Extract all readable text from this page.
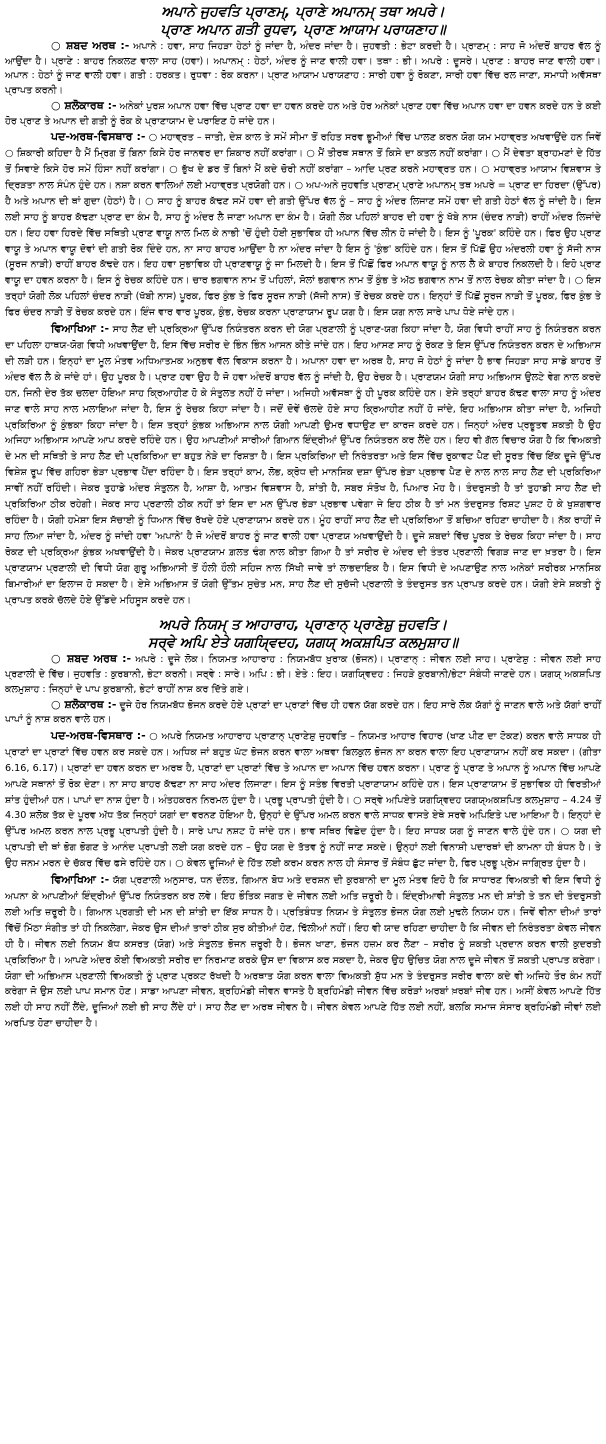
ਅਪਾਨੇ ਜੁਹਵਤਿ ਪ੍ਰਾਣਮ੍, ਪ੍ਰਾਣੇ ਅਪਾਨਮ੍ ਤਥਾ ਅਪਰੇ।
ਪ੍ਰਾਣ ਅਪਾਨ ਗਤੀ ਰੁਧਵਾ, ਪ੍ਰਾਣ ਆਯਾਮ ਪਰਾਯਣਾਹ॥

○ ਸ਼ਬਦ ਅਰਥ :- ਅਪਾਨੇ : ਹਵਾ, ਸਾਹ ਜਿਹੜਾ ਹੇਠਾਂ ਨੂੰ ਜਾਂਦਾ ਹੈ, ਅੰਦਰ ਜਾਂਦਾ ਹੈ। ਜੁਹਵਤੀ : ਭੇਟਾ ਕਰਦੀ ਹੈ। ਪ੍ਰਾਣਮ੍ : ਸਾਹ ਜੋ ਅੰਦਰੋਂ ਬਾਹਰ ਵੱਲ ਨੂੰ ਆਉਂਦਾ ਹੈ। ਪ੍ਰਾਣੇ : ਬਾਹਰ ਨਿਕਲਣ ਵਾਲਾ ਸਾਹ (ਹਵਾ)। ਅਪਾਨਮ੍ : ਹੇਠਾਂ, ਅੰਦਰ ਨੂੰ ਜਾਣ ਵਾਲੀ ਹਵਾ। ਤਥਾ : ਭੀ। ਅਪਰੇ : ਦੂਸਰੇ। ਪ੍ਰਾਣ : ਬਾਹਰ ਜਾਣ ਵਾਲੀ ਹਵਾ। ਅਪਾਨ : ਹੇਠਾਂ ਨੂੰ ਜਾਣ ਵਾਲੀ ਹਵਾ। ਗਤੀ : ਹਰਕਤ। ਰੁਧਵਾ : ਰੋਕ ਕਰਨਾ। ਪ੍ਰਾਣ ਆਯਾਮ ਪਰਾਯਣਾਹ : ਸਾਰੀ ਹਵਾ ਨੂੰ ਰੋਕਣਾ, ਸਾਰੀ ਹਵਾ ਵਿੱਚ ਰਲ ਜਾਣਾ, ਸਮਾਧੀ ਅਵੱਸਥਾ ਪ੍ਰਾਪਤ ਕਰਨੀ।

○ ਸ਼ਲੋਕਾਰਥ :- ਅਨੇਕਾਂ ਪੁਰਸ਼ ਅਪਾਨ ਹਵਾ ਵਿੱਚ ਪ੍ਰਾਣ ਹਵਾ ਦਾ ਹਵਨ ਕਰਦੇ ਹਨ ਅਤੇ ਹੋਰ ਅਨੇਕਾਂ ਪ੍ਰਾਣ ਹਵਾ ਵਿੱਚ ਅਪਾਨ ਹਵਾ ਦਾ ਹਵਨ ਕਰਦੇ ਹਨ ਤੇ ਕਈ ਹੋਰ ਪ੍ਰਾਣ ਤੇ ਅਪਾਨ ਦੀ ਗਤੀ ਨੂੰ ਰੋਕ ਕੇ ਪ੍ਰਾਣਾਯਾਮ ਦੇ ਪਰਾਇਣ ਹੋ ਜਾਂਦੇ ਹਨ।

ਪਦ-ਅਰਥ-ਵਿਸਥਾਰ :- ○ ਮਹਾਵ੍ਰਤ – ਜਾਤੀ, ਦੇਸ਼ ਕਾਲ ਤੇ ਸਮੇਂ ਸੀਮਾ ਤੋਂ ਰਹਿਤ ਸਰਵ ਭੂਮੀਆਂ ਵਿੱਚ ਪਾਲਣ ਕਰਨ ਯੋਗ ਯਮ ਮਹਾਵ੍ਰਤ ਅਖਵਾਉਂਦੇ ਹਨ ਜਿਵੇਂ ○ ਸ਼ਿਕਾਰੀ ਕਹਿਦਾ ਹੈ ਮੈਂ ਮ੍ਰਿਗ ਤੋਂ ਬਿਨਾ ਕਿਸੇ ਹੋਰ ਜਾਨਵਰ ਦਾ ਸ਼ਿਕਾਰ ਨਹੀਂ ਕਰਾਂਗਾ। ○ ਮੈਂ ਤੀਰਥ ਸਥਾਨ ਤੋਂ ਕਿਸੇ ਦਾ ਕਤਲ ਨਹੀਂ ਕਰਾਂਗਾ। ○ ਮੈਂ ਦੇਵਤਾ ਬ੍ਰਾਹਮਣਾਂ ਦੇ ਹਿੱਤ ਤੋਂ ਸਿਵਾਏ ਕਿਸੇ ਹੋਰ ਸਮੇਂ ਹਿੰਸਾ ਨਹੀਂ ਕਰਾਂਗਾ। ○ ਭੁੱਖ ਦੇ ਡਰ ਤੋਂ ਬਿਨਾਂ ਮੈਂ ਕਦੇ ਚੋਰੀ ਨਹੀਂ ਕਰਾਂਗਾ – ਆਦਿ ਪ੍ਰਣ ਕਰਨੇ ਮਹਾਵ੍ਰਤ ਹਨ। ○ ਮਹਾਵ੍ਰਤ ਆਯਾਮ ਵਿਸ਼ਵਾਸ ਤੇ ਦ੍ਰਿੜਤਾ ਨਾਲ ਸੰਪੰਨ ਹੁੰਦੇ ਹਨ। ਨਸ਼ਾ ਕਰਨ ਵਾਲਿਆਂ ਲਈ ਮਹਾਵ੍ਰਤ ਪ੍ਰਯੋਗੀ ਹਨ। ○ ਅਪ-ਅਨੇ ਜੁਹਵਤਿ ਪ੍ਰਾਣਮ੍ ਪ੍ਰਾਣੇ ਅਪਾਨਮ੍ ਤਥ ਅਪਰੇ = ਪ੍ਰਾਣ ਦਾ ਹਿਰਦਾ (ਉੱਪਰ) ਹੈ ਅਤੇ ਅਪਾਨ ਦੀ ਥਾਂ ਗੁਦਾ (ਹੇਠਾਂ) ਹੈ। ○ ਸਾਹ ਨੂੰ ਬਾਹਰ ਕੱਢਣ ਸਮੇਂ ਹਵਾ ਦੀ ਗਤੀ ਉੱਪਰ ਵੱਲ ਨੂੰ – ਸਾਹ ਨੂੰ ਅੰਦਰ ਲਿਜਾਣ ਸਮੇਂ ਹਵਾ ਦੀ ਗਤੀ ਹੇਠਾਂ ਵੱਲ ਨੂੰ ਜਾਂਦੀ ਹੈ। ਇਸ ਲਈ ਸਾਹ ਨੂੰ ਬਾਹਰ ਕੱਢਣਾ ਪ੍ਰਾਣ ਦਾ ਕੰਮ ਹੈ, ਸਾਹ ਨੂੰ ਅੰਦਰ ਲੈ ਜਾਣਾ ਅਪਾਨ ਦਾ ਕੰਮ ਹੈ। ਯੋਗੀ ਲੋਕ ਪਹਿਲਾਂ ਬਾਹਰ ਦੀ ਹਵਾ ਨੂੰ ਖੱਬੇ ਨਾਸ (ਚੰਦਰ ਨਾੜੀ) ਰਾਹੀਂ ਅੰਦਰ ਲਿਜਾਂਦੇ ਹਨ। ਇਹ ਹਵਾ ਹਿਰਦੇ ਵਿੱਚ ਸਥਿਤੀ ਪ੍ਰਾਣ ਵਾਯੂ ਨਾਲ ਮਿਲ ਕੇ ਨਾਭੀ 'ਚੋਂ ਹੁੰਦੀ ਹੋਈ ਸੁਭਾਵਿਕ ਹੀ ਅਪਾਨ ਵਿੱਚ ਲੀਨ ਹੋ ਜਾਂਦੀ ਹੈ। ਇਸ ਨੂੰ 'ਪੂਰਕ' ਕਹਿੰਦੇ ਹਨ। ਫਿਰ ਉਹ ਪ੍ਰਾਣ ਵਾਯੂ ਤੇ ਅਪਾਨ ਵਾਯੂ ਦੋਵਾਂ ਦੀ ਗਤੀ ਰੋਕ ਦਿੰਦੇ ਹਨ, ਨਾ ਸਾਹ ਬਾਹਰ ਆਉਂਦਾ ਹੈ ਨਾ ਅੰਦਰ ਜਾਂਦਾ ਹੈ ਇਸ ਨੂੰ 'ਕੁੰਭ' ਕਹਿੰਦੇ ਹਨ। ਇਸ ਤੋਂ ਪਿੱਛੋਂ ਉਹ ਅੰਦਰਲੀ ਹਵਾ ਨੂੰ ਸੱਜੀ ਨਾਸ (ਸੂਰਜ ਨਾੜੀ) ਰਾਹੀਂ ਬਾਹਰ ਕੱਢਦੇ ਹਨ। ਇਹ ਹਵਾ ਸੁਭਾਵਿਕ ਹੀ ਪ੍ਰਾਣਵਾਯੂ ਨੂੰ ਜਾ ਮਿਲਦੀ ਹੈ। ਇਸ ਤੋਂ ਪਿੱਛੋਂ ਫਿਰ ਅਪਾਨ ਵਾਯੂ ਨੂੰ ਨਾਲ ਲੈ ਕੇ ਬਾਹਰ ਨਿਕਲਦੀ ਹੈ। ਇਹੋ ਪ੍ਰਾਣ ਵਾਯੂ ਦਾ ਹਵਨ ਕਰਨਾ ਹੈ। ਇਸ ਨੂੰ ਰੇਚਕ ਕਹਿੰਦੇ ਹਨ। ਚਾਰ ਭਗਵਾਨ ਨਾਮ ਤੋਂ ਪਹਿਲਾਂ, ਸੋਲਾਂ ਭਗਵਾਨ ਨਾਮ ਤੋਂ ਕੁੰਭ ਤੇ ਅੱਠ ਭਗਵਾਨ ਨਾਮ ਤੋਂ ਨਾਲ ਰੇਚਕ ਕੀਤਾ ਜਾਂਦਾ ਹੈ। ○ ਇਸ ਤਰ੍ਹਾਂ ਯੋਗੀ ਲੋਕ ਪਹਿਲਾਂ ਚੰਦਰ ਨਾੜੀ (ਖੱਬੀ ਨਾਸ) ਪੂਰਕ, ਫਿਰ ਕੁੰਭ ਤੇ ਫਿਰ ਸੂਰਜ ਨਾੜੀ (ਸੱਜੀ ਨਾਸ) ਤੋਂ ਰੇਚਕ ਕਰਦੇ ਹਨ। ਇਨ੍ਹਾਂ ਤੋਂ ਪਿੱਛੋਂ ਸੂਰਜ ਨਾੜੀ ਤੋਂ ਪੂਰਕ, ਫਿਰ ਕੁੰਭ ਤੇ ਫਿਰ ਚੰਦਰ ਨਾੜੀ ਤੋਂ ਰੇਚਕ ਕਰਦੇ ਹਨ। ਇੰਜ ਵਾਰ ਵਾਰ ਪੂਰਕ, ਕੁੰਭ, ਰੇਚਕ ਕਰਨਾ ਪ੍ਰਾਣਾਯਾਮ ਰੂਪ ਯਗ ਹੈ। ਇਸ ਯਗ ਨਾਲ ਸਾਰੇ ਪਾਪ ਧੋਏ ਜਾਂਦੇ ਹਨ।

ਵਿਆਖਿਆ :- ਸਾਹ ਲੈਣ ਦੀ ਪ੍ਰਕ੍ਰਿਆ ਉੱਪਰ ਨਿਯੰਤਰਨ ਕਰਨ ਦੀ ਯੋਗ ਪ੍ਰਣਾਲੀ ਨੂੰ ਪ੍ਰਾਣ-ਯਗ ਕਿਹਾ ਜਾਂਦਾ ਹੈ, ਯੋਗ ਵਿਧੀ ਰਾਹੀਂ ਸਾਹ ਨੂੰ ਨਿਯੰਤਰਨ ਕਰਨ ਦਾ ਪਹਿਲਾ ਹਾਥਯ-ਯੋਗ ਵਿਧੀ ਅਖਵਾਉਂਦਾ ਹੈ, ਇਸ ਵਿੱਚ ਸਰੀਰ ਦੇ ਭਿੰਨ ਭਿੰਨ ਆਸਨ ਕੀਤੇ ਜਾਂਦੇ ਹਨ। ਇਹ ਆਸਣ ਸਾਹ ਨੂੰ ਰੋਕਣ ਤੇ ਇਸ ਉੱਪਰ ਨਿਯੰਤਰਨ ਕਰਨ ਦੇ ਅਭਿਆਸ ਦੀ ਲੜੀ ਹਨ। ਇਨ੍ਹਾਂ ਦਾ ਮੂਲ ਮੰਤਵ ਅਧਿਆਤਮਕ ਅਨੁਭਵ ਵੱਲ ਵਿਕਾਸ ਕਰਨਾ ਹੈ। ਅਪਾਨਾ ਹਵਾ ਦਾ ਅਰਥ ਹੈ, ਸਾਹ ਜੋ ਹੇਠਾਂ ਨੂੰ ਜਾਂਦਾ ਹੈ ਭਾਵ ਜਿਹੜਾ ਸਾਹ ਸਾਡੇ ਬਾਹਰ ਤੋਂ ਅੰਦਰ ਵੱਲ ਲੈ ਕੇ ਜਾਂਦੇ ਹਾਂ। ਉਹ ਪੂਰਕ ਹੈ। ਪ੍ਰਾਣ ਹਵਾ ਉਹ ਹੈ ਜੋ ਹਵਾ ਅੰਦਰੋਂ ਬਾਹਰ ਵੱਲ ਨੂੰ ਜਾਂਦੀ ਹੈ, ਉਹ ਰੇਚਕ ਹੈ। ਪ੍ਰਾਣਯਮ ਯੋਗੀ ਸਾਹ ਅਭਿਆਸ ਉਲਟੇ ਵੇਗ ਨਾਲ ਕਰਦੇ ਹਨ, ਜਿਨੀ ਦੇਰ ਤੱਕ ਚਲਦਾ ਹੋਇਆ ਸਾਹ ਕ੍ਰਿਆਹੀਣ ਹੋ ਕੇ ਸੰਤੁਲਤ ਨਹੀਂ ਹੋ ਜਾਂਦਾ। ਅਜਿਹੀ ਅਵੱਸਥਾ ਨੂੰ ਹੀ ਪੂਰਕ ਕਹਿੰਦੇ ਹਨ। ਏਸੇ ਤਰ੍ਹਾਂ ਬਾਹਰ ਕੱਢਣ ਵਾਲਾ ਸਾਹ ਨੂੰ ਅੰਦਰ ਜਾਣ ਵਾਲੇ ਸਾਹ ਨਾਲ ਮਲਾਇਆ ਜਾਂਦਾ ਹੈ, ਇਸ ਨੂੰ ਰੇਚਕ ਕਿਹਾ ਜਾਂਦਾ ਹੈ। ਜਦੋਂ ਦੋਵੇਂ ਚੱਲਦੇ ਹੋਏ ਸਾਹ ਕ੍ਰਿਆਹੀਣ ਨਹੀਂ ਹੋ ਜਾਂਦੇ, ਇਹ ਅਭਿਆਸ ਕੀਤਾ ਜਾਂਦਾ ਹੈ, ਅਜਿਹੀ ਪ੍ਰਕਿਰਿਆ ਨੂੰ ਕੁੰਭਕਾ ਕਿਹਾ ਜਾਂਦਾ ਹੈ। ਇਸ ਤਰ੍ਹਾਂ ਕੁੰਭਕ ਅਭਿਆਸ ਨਾਲ ਯੋਗੀ ਆਪਣੀ ਉਮਰ ਵਧਾਉਣ ਦਾ ਕਾਰਜ ਕਰਦੇ ਹਨ। ਜਿਨ੍ਹਾਂ ਅੰਦਰ ਪ੍ਰਭੂਤਵ ਸ਼ਕਤੀ ਹੈ ਉਹ ਅਜਿਹਾ ਅਭਿਆਸ ਆਪਣੇ ਆਪ ਕਰਦੇ ਰਹਿੰਦੇ ਹਨ। ਉਹ ਆਪਣੀਆਂ ਸਾਰੀਆਂ ਗਿਆਨ ਇੰਦ੍ਰੀਆਂ ਉੱਪਰ ਨਿਯੰਤਰਨ ਕਰ ਲੈਂਦੇ ਹਨ। ਇਹ ਵੀ ਗੱਲ ਵਿਚਾਰ ਯੋਗ ਹੈ ਕਿ ਵਿਅਕਤੀ ਦੇ ਮਨ ਦੀ ਸਥਿਤੀ ਤੇ ਸਾਹ ਲੈਣ ਦੀ ਪ੍ਰਕਿਰਿਆ ਦਾ ਬਹੁਤ ਨੇੜੇ ਦਾ ਰਿਸ਼ਤਾ ਹੈ। ਇਸ ਪ੍ਰਕਿਰਿਆ ਦੀ ਨਿਰੰਤਰਤਾ ਅਤੇ ਇਸ ਵਿੱਚ ਰੁਕਾਵਟ ਪੈਣ ਦੀ ਸੂਰਤ ਵਿੱਚ ਇੱਕ ਦੂਜੇ ਉੱਪਰ ਵਿਸ਼ੇਸ਼ ਰੂਪ ਵਿੱਚ ਗਹਿਰਾ ਭੇੜਾ ਪ੍ਰਭਾਵ ਪੈਂਦਾ ਰਹਿੰਦਾ ਹੈ। ਇਸ ਤਰ੍ਹਾਂ ਕਾਮ, ਲੋਭ, ਕ੍ਰੋਧ ਦੀ ਮਾਨਸਿਕ ਦਸ਼ਾ ਉੱਪਰ ਭੇੜਾ ਪ੍ਰਭਾਵ ਪੈਣ ਦੇ ਨਾਲ ਨਾਲ ਸਾਹ ਲੈਣ ਦੀ ਪ੍ਰਕਿਰਿਆ ਸਾਵੀਂ ਨਹੀਂ ਰਹਿੰਦੀ। ਜੇਕਰ ਤੁਹਾਡੇ ਅੰਦਰ ਸੰਤੁਲਨ ਹੈ, ਆਸ਼ਾ ਹੈ, ਆਤਮ ਵਿਸ਼ਵਾਸ ਹੈ, ਸ਼ਾਂਤੀ ਹੈ, ਸਬਰ ਸੰਤੋਖ ਹੈ, ਪਿਆਰ ਮੋਹ ਹੈ। ਤੰਦਰੁਸਤੀ ਹੈ ਤਾਂ ਤੁਹਾਡੀ ਸਾਹ ਲੈਣ ਦੀ ਪ੍ਰਕਿਰਿਆ ਠੀਕ ਰਹੇਗੀ। ਜੇਕਰ ਸਾਹ ਪ੍ਰਣਾਲੀ ਠੀਕ ਨਹੀਂ ਤਾਂ ਇਸ ਦਾ ਮਨ ਉੱਪਰ ਭੇੜਾ ਪ੍ਰਭਾਵ ਪਵੇਗਾ ਜੇ ਇਹ ਠੀਕ ਹੈ ਤਾਂ ਮਨ ਤੰਦਰੁਸਤ ਰਿਸ਼ਟ ਪੁਸ਼ਟ ਹੋ ਕੇ ਖੁਸ਼ਗਵਾਰ ਰਹਿੰਦਾ ਹੈ। ਯੋਗੀ ਹਮੇਸ਼ਾ ਇਸ ਸੱਚਾਈ ਨੂੰ ਧਿਆਨ ਵਿੱਚ ਰੱਖਦੇ ਹੋਏ ਪ੍ਰਾਣਾਯਾਮ ਕਰਦੇ ਹਨ। ਮੂੰਹ ਰਾਹੀਂ ਸਾਹ ਲੈਣ ਦੀ ਪ੍ਰਕਿਰਿਆ ਤੋਂ ਬਚਿਆ ਰਹਿਣਾ ਚਾਹੀਦਾ ਹੈ। ਨੱਕ ਰਾਹੀਂ ਜੋ ਸਾਹ ਲਿਆ ਜਾਂਦਾ ਹੈ, ਅੰਦਰ ਨੂੰ ਜਾਂਦੀ ਹਵਾ 'ਅਪਾਨੇ' ਹੈ ਜੋ ਅੰਦਰੋਂ ਬਾਹਰ ਨੂੰ ਜਾਣ ਵਾਲੀ ਹਵਾ ਪ੍ਰਾਣਯ ਅਖਵਾਉਂਦੀ ਹੈ। ਦੂਜੇ ਸ਼ਬਦਾਂ ਵਿੱਚ ਪੂਰਕ ਤੇ ਰੇਚਕ ਕਿਹਾ ਜਾਂਦਾ ਹੈ। ਸਾਹ ਰੋਕਣ ਦੀ ਪ੍ਰਕ੍ਰਿਆ ਕੁੰਭਕ ਅਖਵਾਉਂਦੀ ਹੈ। ਜੇਕਰ ਪ੍ਰਾਣਯਾਮ ਗ਼ਲਤ ਢੰਗ ਨਾਲ ਕੀਤਾ ਗਿਆ ਹੈ ਤਾਂ ਸਰੀਰ ਦੇ ਅੰਦਰ ਦੀ ਤੰਤਰ ਪ੍ਰਣਾਲੀ ਵਿਗੜ ਜਾਣ ਦਾ ਖ਼ਤਰਾ ਹੈ। ਇਸ ਪ੍ਰਾਣਯਾਮ ਪ੍ਰਣਾਲੀ ਦੀ ਵਿਧੀ ਯੋਗ ਗੁਰੂ ਅਭਿਆਸੀ ਤੋਂ ਹੌਲੀ ਹੌਲੀ ਸਹਿਜ ਨਾਲ ਸਿੱਖੀ ਜਾਵੇ ਤਾਂ ਲਾਭਦਾਇਕ ਹੈ। ਇਸ ਵਿਧੀ ਦੇ ਅਪਣਾਉਣ ਨਾਲ ਅਨੇਕਾਂ ਸਰੀਰਕ ਮਾਨਸਿਕ ਬਿਮਾਰੀਆਂ ਦਾ ਇਲਾਜ ਹੋ ਸਕਦਾ ਹੈ। ਏਸੇ ਅਭਿਆਸ ਤੋਂ ਯੋਗੀ ਉੱਤਮ ਸੁਚੇਤ ਮਨ, ਸਾਹ ਲੈਣ ਦੀ ਸੁਚੱਜੀ ਪ੍ਰਣਾਲੀ ਤੇ ਤੰਦਰੁਸਤ ਤਨ ਪ੍ਰਾਪਤ ਕਰਦੇ ਹਨ। ਯੋਗੀ ਏਸੇ ਸ਼ਕਤੀ ਨੂੰ ਪ੍ਰਾਪਤ ਕਰਕੇ ਚੱਲਦੇ ਹੋਏ ਉੱਡਦੇ ਮਹਿਸੂਸ ਕਰਦੇ ਹਨ।

ਅਪਰੇ ਨਿਯਮ੍ ਤ ਆਹਾਰਾਹ, ਪ੍ਰਾਣਾਨ੍ ਪ੍ਰਾਣੇਸ਼ੁ ਜੁਹਵਤਿ।
ਸਰ੍ਵੇ ਅਪਿ ਏਤੇ ਯਗਯ੍ਵਿਦਹ, ਯਗਯ੍ ਅਕਸ਼ਪਿਤ ਕਲਮੁਸ਼ਾਹ॥

○ ਸ਼ਬਦ ਅਰਥ :- ਅਪਰੇ : ਦੂਜੇ ਲੋਕ। ਨਿਯਮਤ ਆਹਾਰਾਹ : ਨਿਯਮਬੱਧ ਖ਼ੁਰਾਕ (ਭੋਜਨ)। ਪ੍ਰਾਣਾਨ੍ : ਜੀਵਨ ਲਈ ਸਾਹ। ਪ੍ਰਾਣੇਸ਼ੁ : ਜੀਵਨ ਲਈ ਸਾਹ ਪ੍ਰਣਾਲੀ ਦੇ ਵਿੱਚ। ਜੁਹਵਤਿ : ਕੁਰਬਾਨੀ, ਭੇਟਾ ਕਰਨੀ। ਸਰ੍ਵੇ : ਸਾਰੇ। ਅਪਿ : ਭੀ। ਏਤੇ : ਇਹ। ਯਗਯ੍ਵਿਦਹ : ਜਿਹੜੇ ਕੁਰਬਾਨੀ/ਭੇਟਾ ਸੰਬੰਧੀ ਜਾਣਦੇ ਹਨ। ਯਗਯ੍ ਅਕਸ਼ਪਿਤ ਕਲਮੁਸ਼ਾਹ : ਜਿਨ੍ਹਾਂ ਦੇ ਪਾਪ ਕੁਰਬਾਨੀ, ਭੇਟਾਂ ਰਾਹੀਂ ਨਾਸ਼ ਕਰ ਦਿੱਤੇ ਗਏ।

○ ਸ਼ਲੋਕਾਰਥ :- ਦੂਜੇ ਹੋਰ ਨਿਯਮਬੱਧ ਭੋਜਨ ਕਰਦੇ ਹੋਏ ਪ੍ਰਾਣਾਂ ਦਾ ਪ੍ਰਾਣਾਂ ਵਿੱਚ ਹੀ ਹਵਨ ਯੱਗ ਕਰਦੇ ਹਨ। ਇਹ ਸਾਰੇ ਲੋਕ ਯੱਗਾਂ ਨੂੰ ਜਾਣਨ ਵਾਲੇ ਅਤੇ ਯੱਗਾਂ ਰਾਹੀਂ ਪਾਪਾਂ ਨੂੰ ਨਾਸ਼ ਕਰਨ ਵਾਲੇ ਹਨ।

ਪਦ-ਅਰਥ-ਵਿਸਥਾਰ :- ○ ਅਪਰੇ ਨਿਯਮਤ ਆਹਾਰਾਹ ਪ੍ਰਾਣਾਨ੍ ਪ੍ਰਾਣੇਸ਼ੁ ਜੁਹਵਤਿ – ਨਿਯਮਤ ਆਹਾਰ ਵਿਹਾਰ (ਖਾਣ ਪੀਣ ਦਾ ਟੋਕਣ) ਕਰਨ ਵਾਲੇ ਸਾਧਕ ਹੀ ਪ੍ਰਾਣਾਂ ਦਾ ਪ੍ਰਾਣਾਂ ਵਿੱਚ ਹਵਨ ਕਰ ਸਕਦੇ ਹਨ। ਅਧਿਕ ਜਾਂ ਬਹੁਤ ਘੱਟ ਭੋਜਨ ਕਰਨ ਵਾਲਾ ਅਥਵਾ ਬਿਲਕੁਲ ਭੋਜਨ ਨਾ ਕਰਨ ਵਾਲਾ ਇਹ ਪ੍ਰਾਣਾਯਾਮ ਨਹੀਂ ਕਰ ਸਕਦਾ। (ਗੀਤਾ 6.16, 6.17)। ਪ੍ਰਾਣਾਂ ਦਾ ਹਵਨ ਕਰਨ ਦਾ ਅਰਥ ਹੈ, ਪ੍ਰਾਣਾਂ ਦਾ ਪ੍ਰਾਣਾਂ ਵਿੱਚ ਤੇ ਅਪਾਨ ਦਾ ਅਪਾਨ ਵਿੱਚ ਹਵਨ ਕਰਨਾ। ਪ੍ਰਾਣ ਨੂੰ ਪ੍ਰਾਣ ਤੇ ਅਪਾਨ ਨੂੰ ਅਪਾਨ ਵਿੱਚ ਆਪਣੇ ਆਪਣੇ ਸਥਾਨਾਂ ਤੋਂ ਰੋਕ ਦੇਣਾ। ਨਾ ਸਾਹ ਬਾਹਰ ਕੱਢਣਾ ਨਾ ਸਾਹ ਅੰਦਰ ਲਿਜਾਣਾ। ਇਸ ਨੂੰ ਸਤੰਭ ਵਿਰਤੀ ਪ੍ਰਾਣਾਯਾਮ ਕਹਿੰਦੇ ਹਨ। ਇਸ ਪ੍ਰਾਣਾਯਾਮ ਤੋਂ ਸੁਭਾਵਿਕ ਹੀ ਵਿਰਤੀਆਂ ਸ਼ਾਂਤ ਹੁੰਦੀਆਂ ਹਨ। ਪਾਪਾਂ ਦਾ ਨਾਸ਼ ਹੁੰਦਾ ਹੈ। ਅੰਤਹਕਰਨ ਨਿਰਮਲ ਹੁੰਦਾ ਹੈ। ਪ੍ਰਭੂ ਪ੍ਰਾਪਤੀ ਹੁੰਦੀ ਹੈ। ○ ਸਰ੍ਵੇ ਅਪਿਏਤੇ ਯਗਯ੍ਵਿਦਹ ਯਗਯ੍ਅਕਸ਼ਪਿਤ ਕਲਮੁਸ਼ਾਹ – 4.24 ਤੋਂ 4.30 ਸ਼ਲੋਕ ਤੱਕ ਦੇ ਪੂਰਵ ਅੱਧ ਤੱਕ ਜਿਨ੍ਹਾਂ ਯਗਾਂ ਦਾ ਵਰਨਣ ਹੋਇਆ ਹੈ, ਉਨ੍ਹਾਂ ਦੇ ਉੱਪਰ ਅਮਲ ਕਰਨ ਵਾਲੇ ਸਾਧਕ ਵਾਸਤੇ ਏਥੇ ਸਰਵੇ ਅਪਿਇਤੇ ਪਦ ਆਇਆ ਹੈ। ਇਨ੍ਹਾਂ ਦੇ ਉੱਪਰ ਅਮਲ ਕਰਨ ਨਾਲ ਪ੍ਰਭੂ ਪ੍ਰਾਪਤੀ ਹੁੰਦੀ ਹੈ। ਸਾਰੇ ਪਾਪ ਨਸ਼ਟ ਹੋ ਜਾਂਦੇ ਹਨ। ਭਾਵ ਸਥਿਰ ਵਿਛੇਦ ਹੁੰਦਾ ਹੈ। ਇਹ ਸਾਧਕ ਯਗ ਨੂੰ ਜਾਣਨ ਵਾਲੇ ਹੁੰਦੇ ਹਨ। ○ ਯਗ ਦੀ ਪ੍ਰਾਪਤੀ ਦੀ ਥਾਂ ਭੋਗ ਭੋਗਣ ਤੇ ਆਨੰਦ ਪ੍ਰਾਪਤੀ ਲਈ ਯਗ ਕਰਦੇ ਹਨ – ਉਹ ਯਗ ਦੇ ਤੱਤਵ ਨੂੰ ਨਹੀਂ ਜਾਣ ਸਕਦੇ। ਉਨ੍ਹਾਂ ਲਈ ਵਿਨਾਸ਼ੀ ਪਦਾਰਥਾਂ ਦੀ ਕਾਮਨਾ ਹੀ ਬੰਧਨ ਹੈ। ਤੇ ਉਹ ਜਨਮ ਮਰਨ ਦੇ ਚੱਕਰ ਵਿੱਚ ਫਸੇ ਰਹਿੰਦੇ ਹਨ। ○ ਕੇਵਲ ਦੂਜਿਆਂ ਦੇ ਹਿੱਤ ਲਈ ਕਰਮ ਕਰਨ ਨਾਲ ਹੀ ਸੰਸਾਰ ਤੋਂ ਸੰਬੰਧ ਛੁੱਟ ਜਾਂਦਾ ਹੈ, ਫਿਰ ਪ੍ਰਭੂ ਪ੍ਰੇਮ ਜਾਗ੍ਰਿਤ ਹੁੰਦਾ ਹੈ।

ਵਿਆਖਿਆ :- ਯੱਗ ਪ੍ਰਣਾਲੀ ਅਨੁਸਾਰ, ਧਨ ਦੌਲਤ, ਗਿਆਨ ਬੋਧ ਅਤੇ ਦਰਸ਼ਨ ਦੀ ਕੁਰਬਾਨੀ ਦਾ ਮੂਲ ਮੰਤਵ ਇਹੋ ਹੈ ਕਿ ਸਾਧਾਰਣ ਵਿਅਕਤੀ ਵੀ ਇਸ ਵਿਧੀ ਨੂੰ ਅਪਨਾ ਕੇ ਆਪਣੀਆਂ ਇੰਦ੍ਰੀਆਂ ਉੱਪਰ ਨਿਯੰਤਰਨ ਕਰ ਲਵੇ। ਇਹ ਭੌਤਿਕ ਜਗਤ ਦੇ ਜੀਵਨ ਲਈ ਅਤਿ ਜ਼ਰੂਰੀ ਹੈ। ਇੰਦ੍ਰੀਆਵੀ ਸੰਤੁਲਤ ਮਨ ਦੀ ਸ਼ਾਂਤੀ ਤੇ ਤਨ ਦੀ ਤੰਦਰੁਸਤੀ ਲਈ ਅਤਿ ਜ਼ਰੂਰੀ ਹੈ। ਗਿਆਨ ਪ੍ਰਗਤੀ ਦੀ ਮਨ ਦੀ ਸ਼ਾਂਤੀ ਦਾ ਇੱਕ ਸਾਧਨ ਹੈ। ਪ੍ਰਤਿਬੰਧਤ ਨਿਯਮ ਤੇ ਸੰਤੁਲਤ ਭੋਜਨ ਯੋਗ ਲਈ ਮੁਢਲੇ ਨਿਯਮ ਹਨ। ਜਿਵੇਂ ਵੀਨਾ ਦੀਆਂ ਤਾਰਾਂ ਵਿੱਚੋਂ ਮਿੱਠਾ ਸੰਗੀਤ ਤਾਂ ਹੀ ਨਿਕਲੇਗਾ, ਜੇਕਰ ਉਸ ਦੀਆਂ ਤਾਰਾਂ ਠੀਕ ਸੁਰ ਕੀਤੀਆਂ ਹੋਣ, ਢਿੱਲੀਆਂ ਨਹੀਂ। ਇਹ ਵੀ ਯਾਦ ਰਹਿਣਾ ਚਾਹੀਦਾ ਹੈ ਕਿ ਜੀਵਨ ਦੀ ਨਿਰੰਤਰਤਾ ਕੇਵਲ ਜੀਵਨ ਹੀ ਹੈ। ਜੀਵਨ ਲਈ ਨਿਯਮ ਬੱਧ ਕਸਰਤ (ਯੋਗ) ਅਤੇ ਸੰਤੁਲਤ ਭੋਜਨ ਜ਼ਰੂਰੀ ਹੈ। ਭੋਜਨ ਖਾਣਾ, ਭੋਜਨ ਹਜ਼ਮ ਕਰ ਲੈਣਾ – ਸਰੀਰ ਨੂੰ ਸ਼ਕਤੀ ਪ੍ਰਦਾਨ ਕਰਨ ਵਾਲੀ ਕੁਦਰਤੀ ਪ੍ਰਕਿਰਿਆ ਹੈ। ਆਪਣੇ ਅੰਦਰ ਕੋਈ ਵਿਅਕਤੀ ਸਰੀਰ ਦਾ ਨਿਰਮਾਣ ਕਰਕੇ ਉਸ ਦਾ ਵਿਕਾਸ ਕਰ ਸਕਦਾ ਹੈ, ਜੇਕਰ ਉਹ ਉਚਿਤ ਯੋਗ ਨਾਲ ਦੂਜੇ ਜੀਵਨ ਤੋਂ ਸ਼ਕਤੀ ਪ੍ਰਾਪਤ ਕਰੇਗਾ। ਯੋਗਾ ਦੀ ਅਭਿਆਸ ਪ੍ਰਣਾਲੀ ਵਿਅਕਤੀ ਨੂੰ ਪ੍ਰਾਣ ਪ੍ਰਕਟ ਰੱਖਦੀ ਹੈ ਅਰਥਾਤ ਯੋਗ ਕਰਨ ਵਾਲਾ ਵਿਅਕਤੀ ਸ਼ੁੱਧ ਮਨ ਤੇ ਤੰਦਰੁਸਤ ਸਰੀਰ ਵਾਲਾ ਕਦੇ ਵੀ ਅਜਿਹੇ ਤੌਰ ਕੰਮ ਨਹੀਂ ਕਰੇਗਾ ਜੋ ਉਸ ਲਈ ਪਾਪ ਸਮਾਨ ਹੋਣ। ਸਾਡਾ ਆਪਣਾ ਜੀਵਨ, ਬ੍ਰਹਿਮੰਡੀ ਜੀਵਨ ਵਾਸਤੇ ਹੈ ਬ੍ਰਹਿਮੰਡੀ ਜੀਵਨ ਵਿੱਚ ਕਰੋੜਾਂ ਅਰਬਾਂ ਖ਼ਰਬਾਂ ਜੀਵ ਹਨ। ਅਸੀਂ ਕੇਵਲ ਆਪਣੇ ਹਿੱਤ ਲਈ ਹੀ ਸਾਹ ਨਹੀਂ ਲੈਂਦੇ, ਦੂਜਿਆਂ ਲਈ ਭੀ ਸਾਹ ਲੈਂਦੇ ਹਾਂ। ਸਾਹ ਲੈਣ ਦਾ ਅਰਥ ਜੀਵਨ ਹੈ। ਜੀਵਨ ਕੇਵਲ ਆਪਣੇ ਹਿੱਤ ਲਈ ਨਹੀਂ, ਬਲਕਿ ਸਮਾਜ ਸੰਸਾਰ ਬ੍ਰਹਿਮੰਡੀ ਜੀਵਾਂ ਲਈ ਅਰਪਿਤ ਹੋਣਾ ਚਾਹੀਦਾ ਹੈ।
